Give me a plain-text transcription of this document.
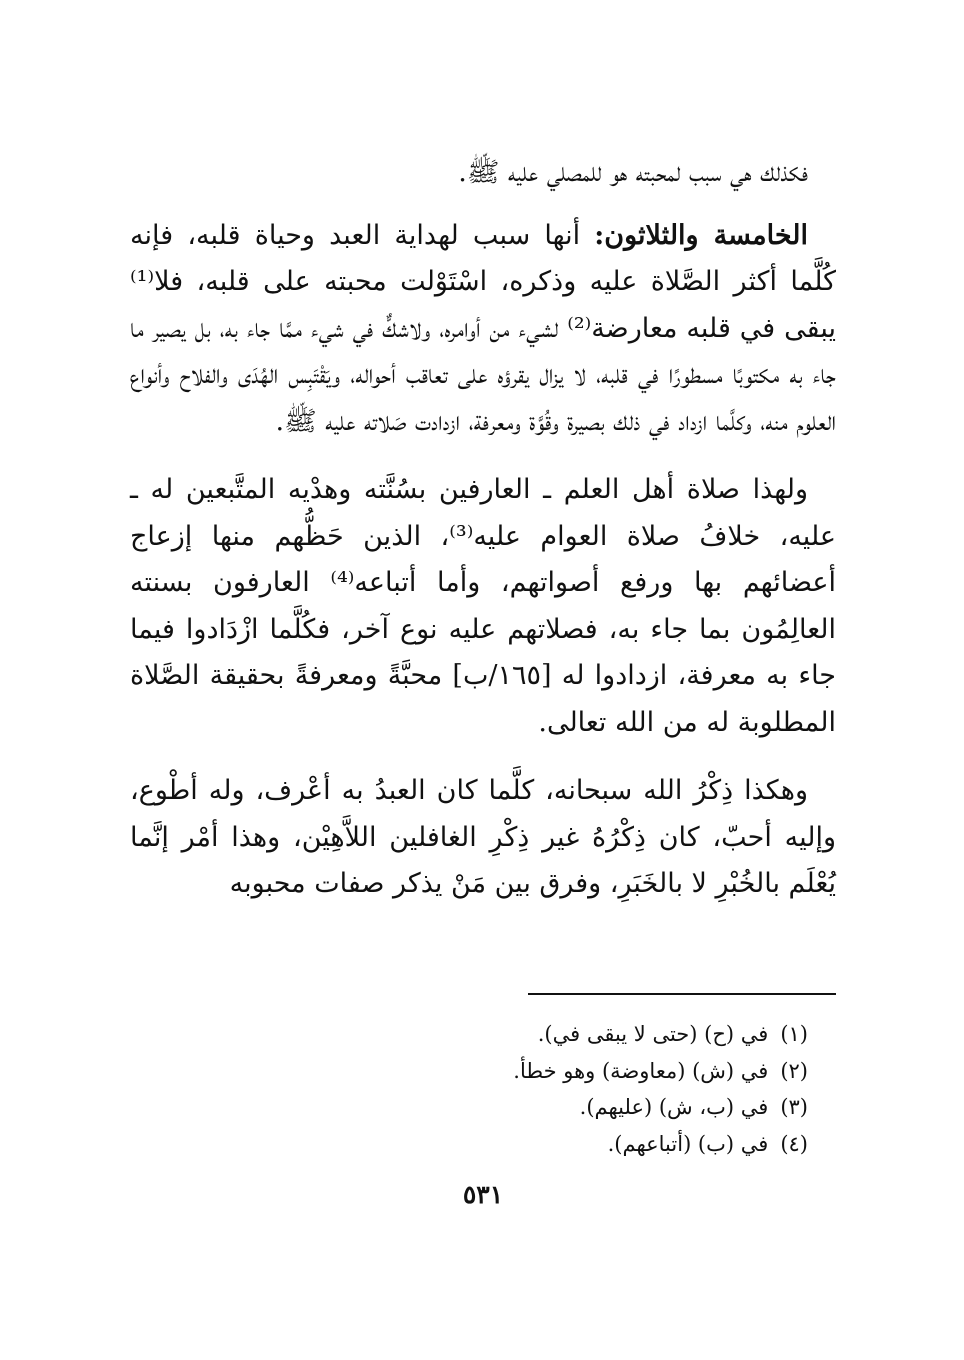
فكذلك هي سبب لمحبته هو للمصلي عليه ﷺ.

الخامسة والثلاثون: أنها سبب لهداية العبد وحياة قلبه، فإنه كُلَّما أكثر الصَّلاة عليه وذكره، اسْتَوْلت محبته على قلبه، فلا⁽¹⁾ يبقى في قلبه معارضة⁽²⁾ لشيء من أوامره، ولاشكٌّ في شيء ممَّا جاء به، بل يصير ما جاء به مكتوبًا مسطورًا في قلبه، لا يزال يقرؤه على تعاقب أحواله، ويَقْتَبِس الهُدَى والفلاح وأنواع العلوم منه، وكلَّما ازداد في ذلك بصيرة وقُوَّة ومعرفة، ازدادت صَلاته عليه ﷺ.

ولهذا صلاة أهل العلم ـ العارفين بسُنَّته وهدْيه المتَّبعين له ـ عليه، خلافُ صلاة العوام عليه⁽³⁾، الذين حَظُّهم منها إزعاج أعضائهم بها ورفع أصواتهم، وأما أتباعه⁽⁴⁾ العارفون بسنته العالِمُون بما جاء به، فصلاتهم عليه نوع آخر، فكُلَّما ازْدَادوا فيما جاء به معرفة، ازدادوا له [١٦٥/ب] محبَّةً ومعرفةً بحقيقة الصَّلاة المطلوبة له من الله تعالى.

وهكذا ذِكْرُ الله سبحانه، كلَّما كان العبدُ به أعْرف، وله أطْوع، وإليه أحبّ، كان ذِكْرُهُ غير ذِكْرِ الغافلين اللاَّهِيْن، وهذا أمْر إنَّما يُعْلَم بالخُبْرِ لا بالخَبَرِ، وفرق بين مَنْ يذكر صفات محبوبه

(١)في (ح) (حتى لا يبقى في).
(٢)في (ش) (معاوضة) وهو خطأ.
(٣)في (ب، ش) (عليهم).
(٤)في (ب) (أتباعهم).
٥٣١
